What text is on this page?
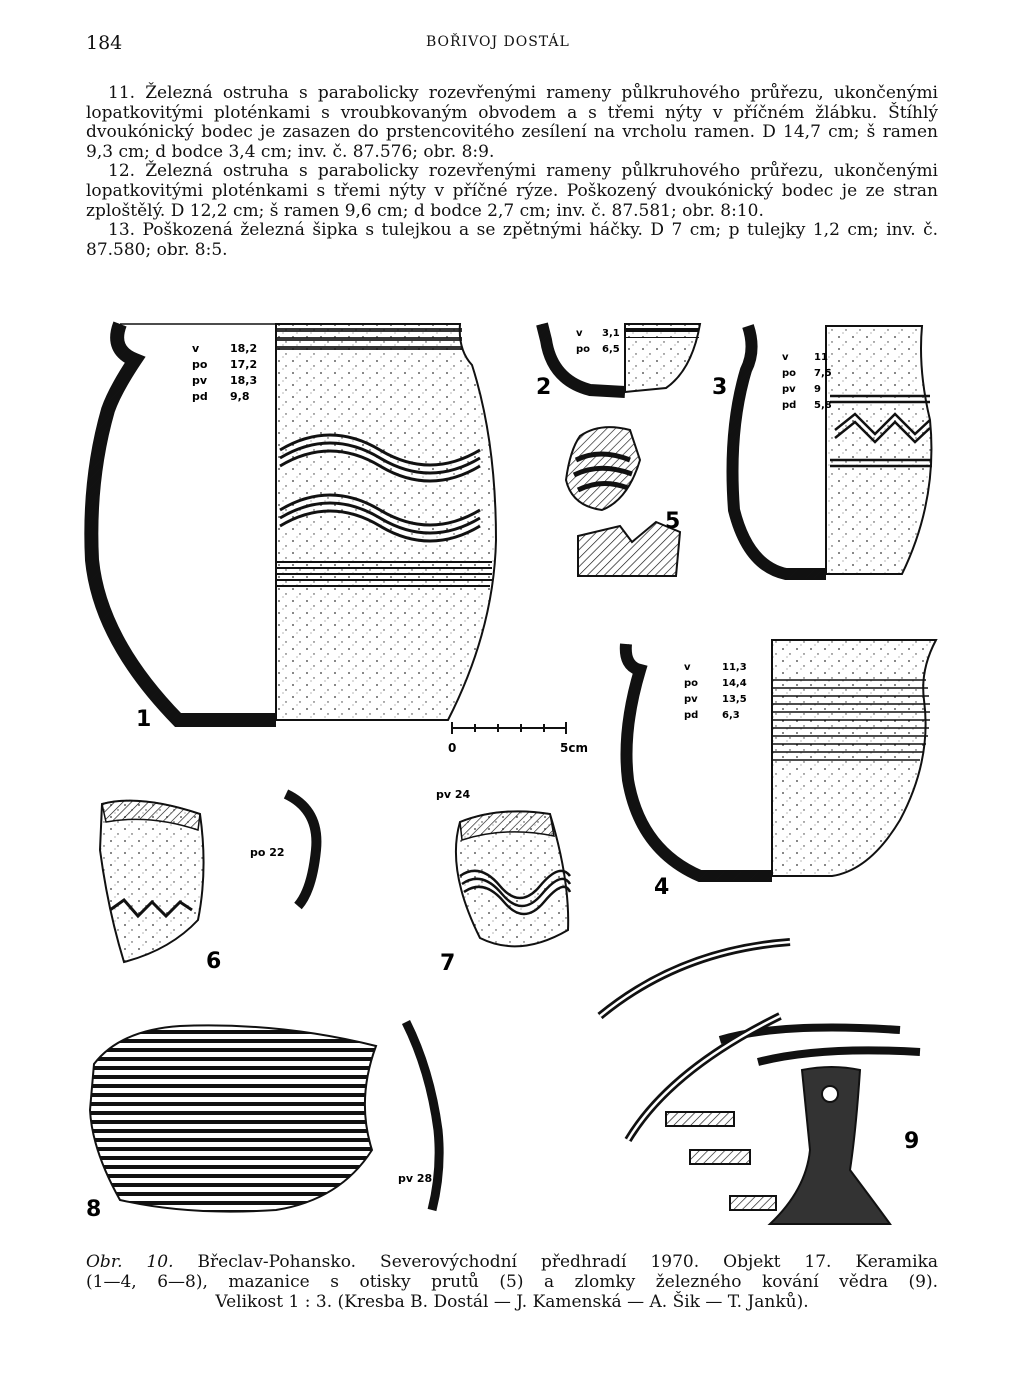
184	BOŘIVOJ DOSTÁL

11. Železná ostruha s parabolicky rozevřenými rameny půlkruhového průřezu, ukončenými lopatkovitými ploténkami s vroubkovaným obvodem a s třemi nýty v příčném žlábku. Štíhlý dvoukónický bodec je zasazen do prstencovitého zesílení na vrcholu ramen. D 14,7 cm; š ramen 9,3 cm; d bodce 3,4 cm; inv. č. 87.576; obr. 8:9.

12. Železná ostruha s parabolicky rozevřenými rameny půlkruhového průřezu, ukončenými lopatkovitými ploténkami s třemi nýty v příčné rýze. Poškozený dvoukónický bodec je ze stran zploštělý. D 12,2 cm; š ramen 9,6 cm; d bodce 2,7 cm; inv. č. 87.581; obr. 8:10.

13. Poškozená železná šipka s tulejkou a se zpětnými háčky. D 7 cm; p tulejky 1,2 cm; inv. č. 87.580; obr. 8:5.

v	18,2
po 17,2
pv 18,3
pd 9,8
1
v 3,1
po 6,5
2
5
v	11
po 7,5
pv 9
pd 5,8
3
0	5cm
v	11,3
po 14,4
pv 13,5
pd 6,3
4
po 22
6
pv 24
7
pv 28
8
9

Obr. 10. Břeclav-Pohansko. Severovýchodní předhradí 1970. Objekt 17. Keramika

(1—4, 6—8), mazanice s otisky prutů (5) a zlomky železného kování vědra (9).

Velikost 1 : 3. (Kresba B. Dostál — J. Kamenská — A. Šik — T. Janků).
